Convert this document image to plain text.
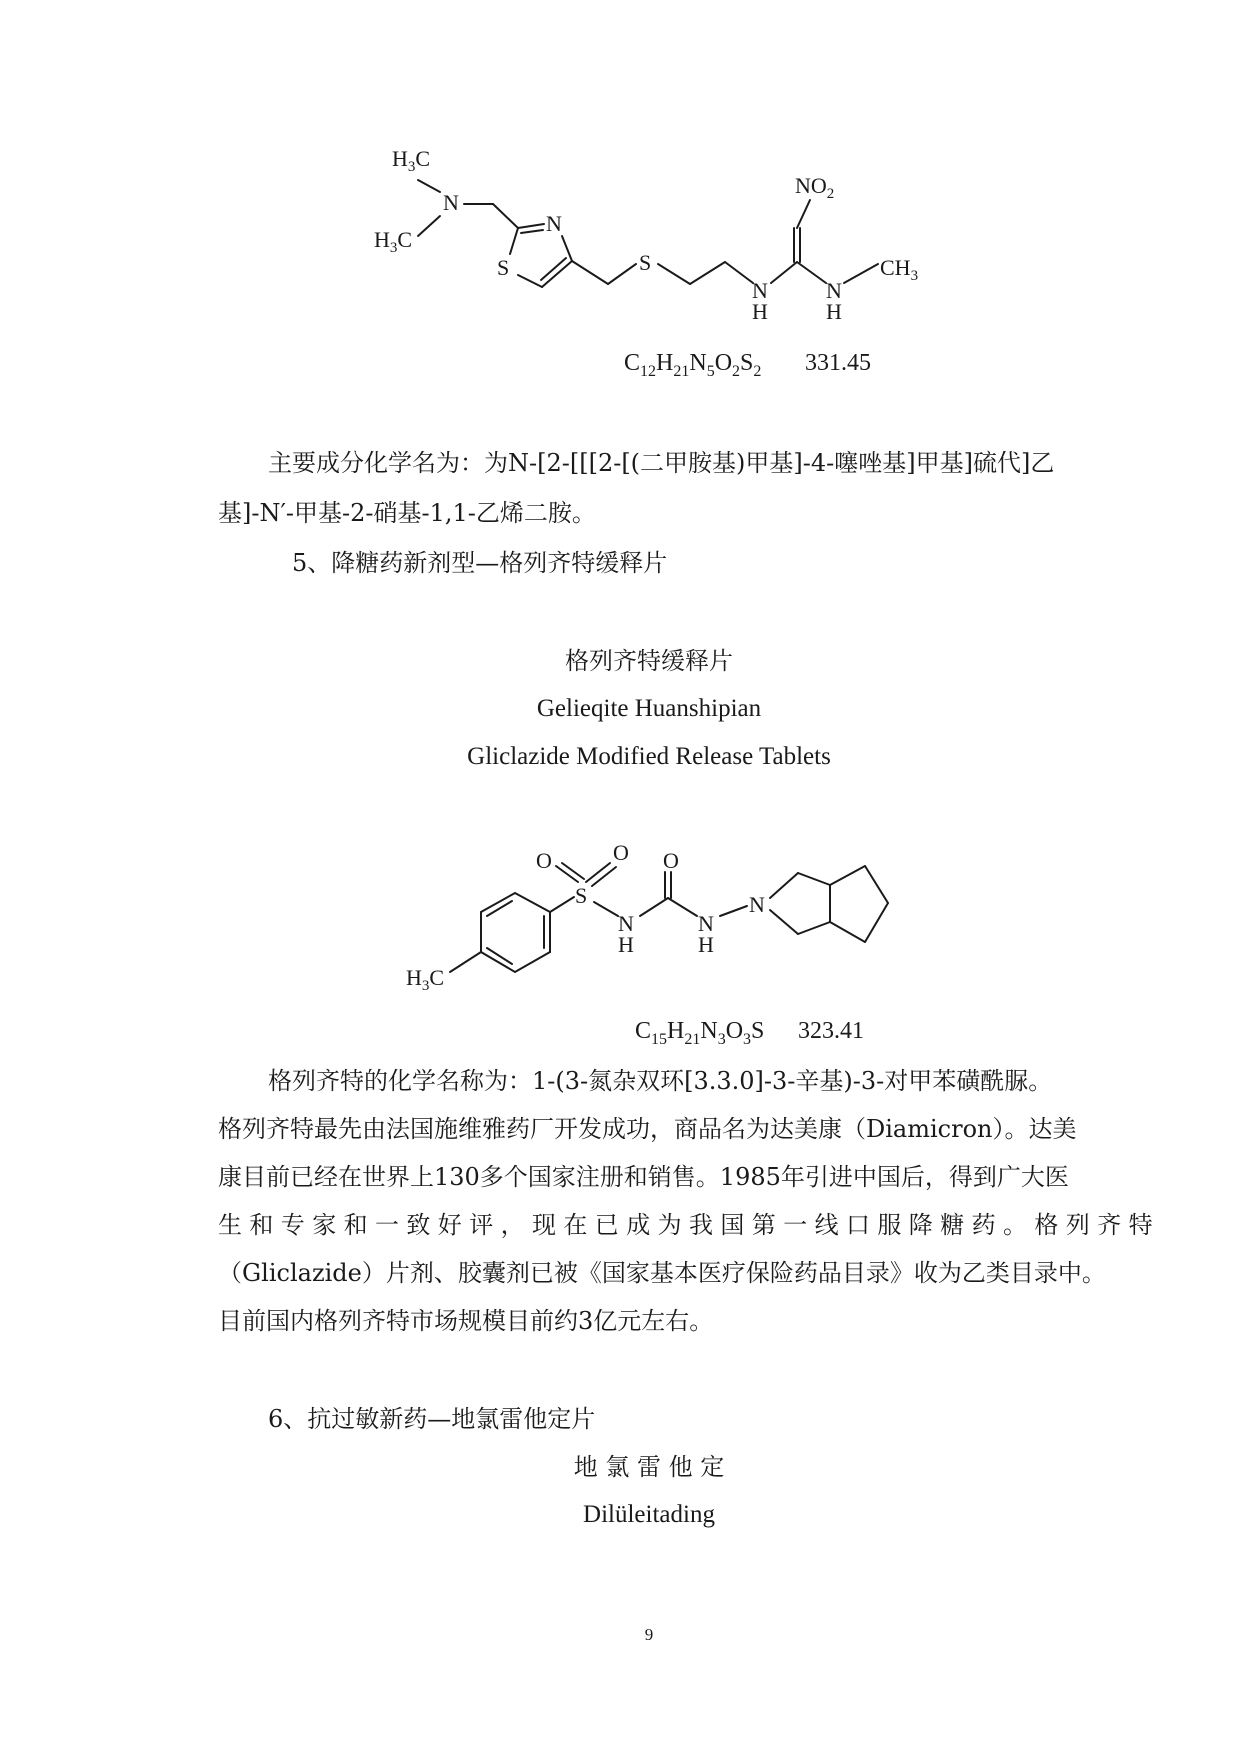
$H_3C$
$H_3C$
N
N
S	S
$NO_2$
N
H
N
H
$CH_3$
$C_{12}H_{21}N_5O_2S_2$ 331.45
主要成分化学名为：为N-[2-[[[2-[(二甲胺基)甲基]-4-噻唑基]甲基]硫代]乙
基]-N′-甲基-2-硝基-1,1-乙烯二胺。
5、降糖药新剂型—格列齐特缓释片
格列齐特缓释片
Gelieqite Huanshipian
Gliclazide Modified Release Tablets
O	O O
S
N
H
N
H
N
$H_3C$
$C_{15}H_{21}N_3O_3S$ 323.41
格列齐特的化学名称为：1-(3-氮杂双环[3.3.0]-3-辛基)-3-对甲苯磺酰脲。
格列齐特最先由法国施维雅药厂开发成功，商品名为达美康（Diamicron）。达美
康目前已经在世界上130多个国家注册和销售。1985年引进中国后，得到广大医
生和专家和一致好评，现在已成为我国第一线口服降糖药。格列齐特
（Gliclazide）片剂、胶囊剂已被《国家基本医疗保险药品目录》收为乙类目录中。
目前国内格列齐特市场规模目前约3亿元左右。
6、抗过敏新药—地氯雷他定片
地 氯 雷 他 定
Dilüleitading
9
